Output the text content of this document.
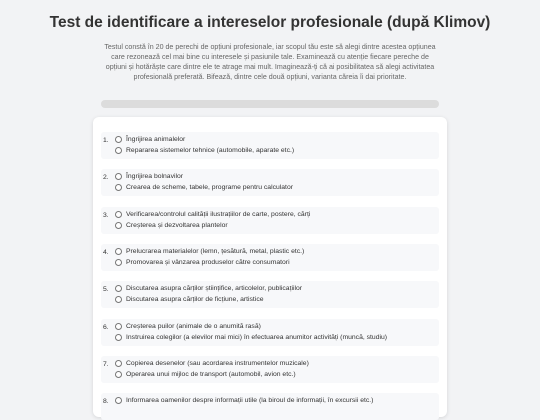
Test de identificare a intereselor profesionale (după Klimov)

Testul constă în 20 de perechi de opțiuni profesionale, iar scopul tău este să alegi dintre acestea opțiunea care rezonează cel mai bine cu interesele și pasiunile tale. Examinează cu atenție fiecare pereche de opțiuni și hotărăște care dintre ele te atrage mai mult. Imaginează-ți că ai posibilitatea să alegi activitatea profesională preferată. Bifează, dintre cele două opțiuni, varianta căreia îi dai prioritate.

1.	Îngrijirea animalelor
Repararea sistemelor tehnice (automobile, aparate etc.)
2.	Îngrijirea bolnavilor
Crearea de scheme, tabele, programe pentru calculator
3.	Verificarea/controlul calității ilustrațiilor de carte, postere, cărți
Creșterea și dezvoltarea plantelor
4.	Prelucrarea materialelor (lemn, țesătură, metal, plastic etc.)
Promovarea și vânzarea produselor către consumatori
5.	Discutarea asupra cărților științifice, articolelor, publicațiilor
Discutarea asupra cărților de ficțiune, artistice
6.	Creșterea puilor (animale de o anumită rasă)
Instruirea colegilor (a elevilor mai mici) în efectuarea anumitor activități (muncă, studiu)
7.	Copierea desenelor (sau acordarea instrumentelor muzicale)
Operarea unui mijloc de transport (automobil, avion etc.)
8.	Informarea oamenilor despre informații utile (la biroul de informații, în excursii etc.)
